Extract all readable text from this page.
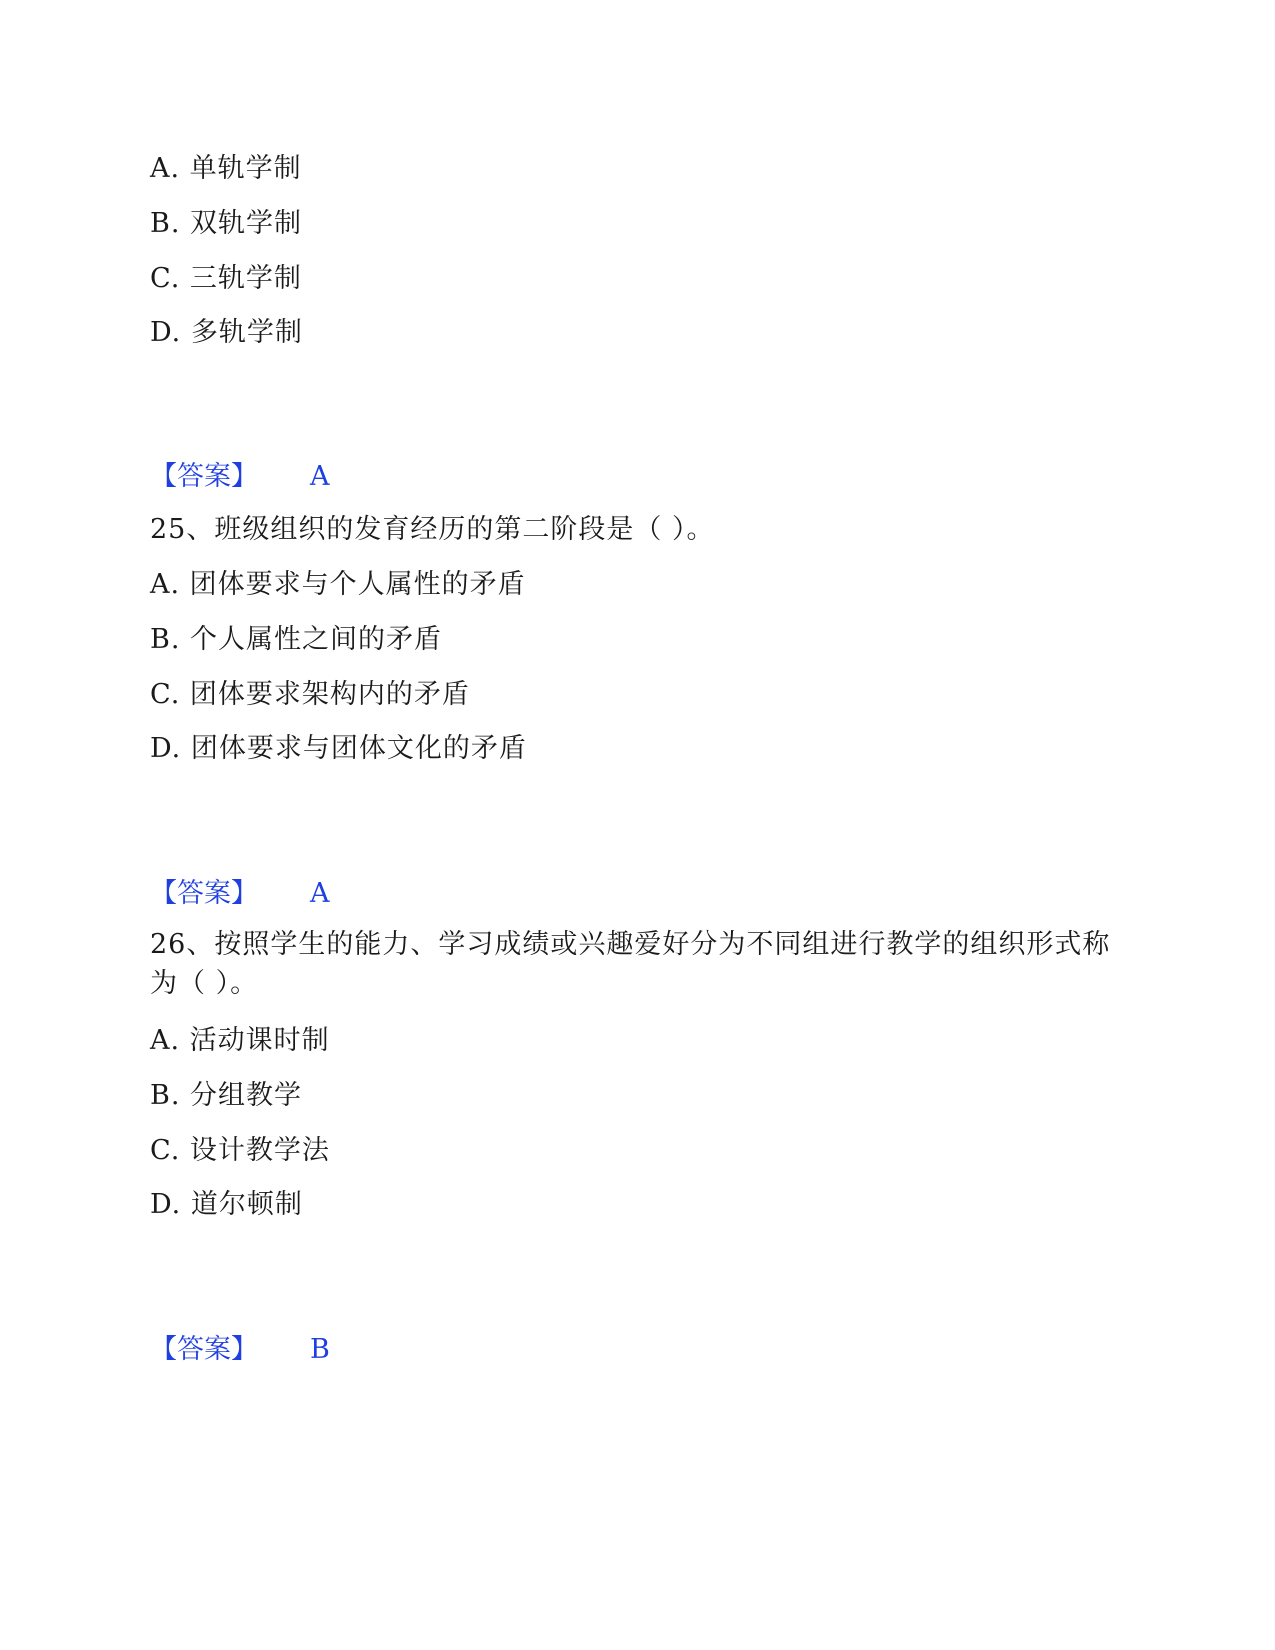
A. 单轨学制
B. 双轨学制
C. 三轨学制
D. 多轨学制
【答案】 A
25、班级组织的发育经历的第二阶段是（ ）。
A. 团体要求与个人属性的矛盾
B. 个人属性之间的矛盾
C. 团体要求架构内的矛盾
D. 团体要求与团体文化的矛盾
【答案】 A
26、按照学生的能力、学习成绩或兴趣爱好分为不同组进行教学的组织形式称为（ ）。
A. 活动课时制
B. 分组教学
C. 设计教学法
D. 道尔顿制
【答案】 B
